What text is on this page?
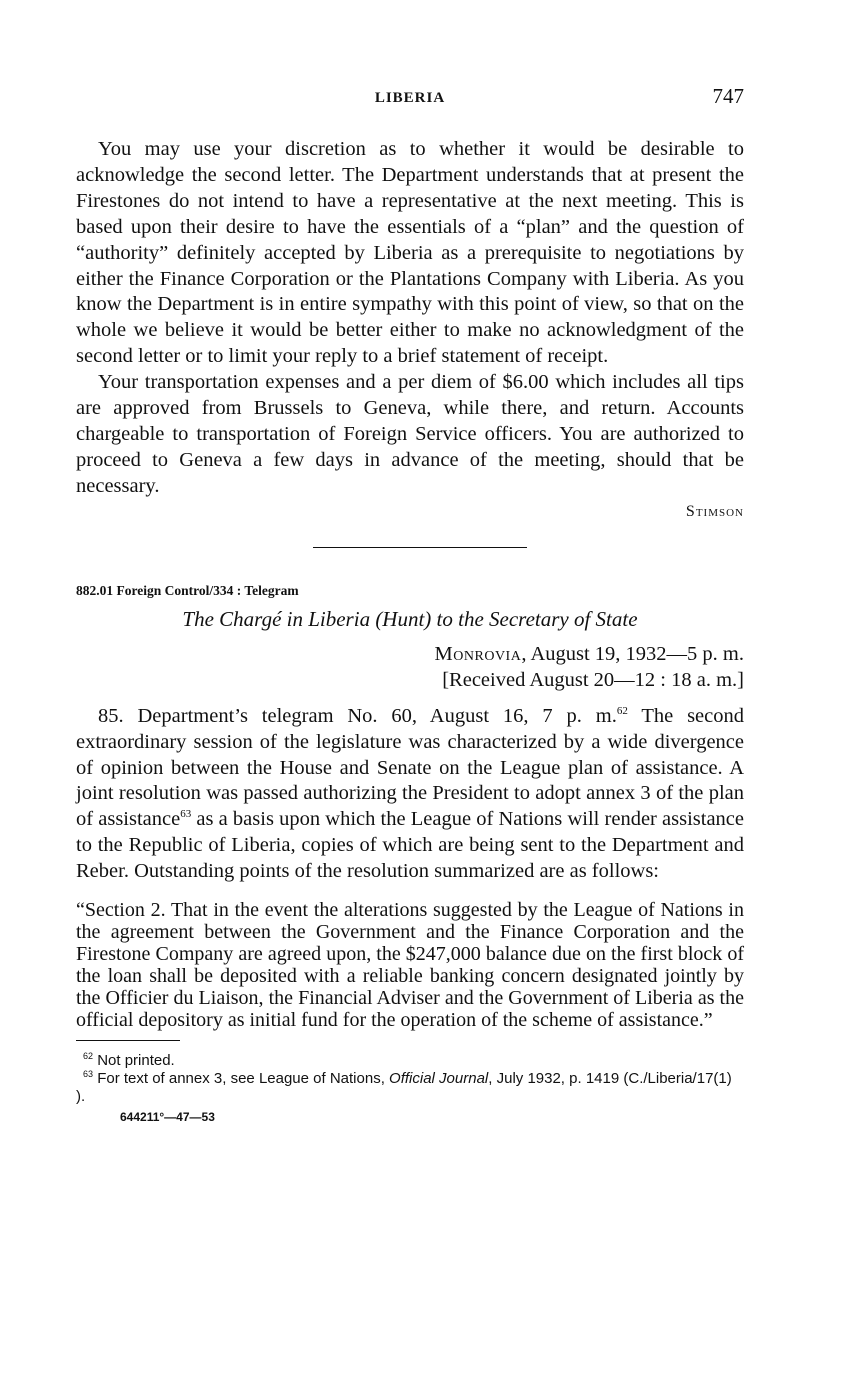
LIBERIA	747

You may use your discretion as to whether it would be desirable to acknowledge the second letter. The Department understands that at present the Firestones do not intend to have a representative at the next meeting. This is based upon their desire to have the essentials of a “plan” and the question of “authority” definitely accepted by Liberia as a prerequisite to negotiations by either the Finance Corporation or the Plantations Company with Liberia. As you know the Department is in entire sympathy with this point of view, so that on the whole we believe it would be better either to make no acknowledgment of the second letter or to limit your reply to a brief statement of receipt.

Your transportation expenses and a per diem of $6.00 which includes all tips are approved from Brussels to Geneva, while there, and return. Accounts chargeable to transportation of Foreign Service officers. You are authorized to proceed to Geneva a few days in advance of the meeting, should that be necessary.

Stimson
882.01 Foreign Control/334 : Telegram
The Chargé in Liberia (Hunt) to the Secretary of State
Monrovia, August 19, 1932—5 p. m.
[Received August 20—12 : 18 a. m.]

85. Department’s telegram No. 60, August 16, 7 p. m.$^{62}$ The second extraordinary session of the legislature was characterized by a wide divergence of opinion between the House and Senate on the League plan of assistance. A joint resolution was passed authorizing the President to adopt annex 3 of the plan of assistance$^{63}$ as a basis upon which the League of Nations will render assistance to the Republic of Liberia, copies of which are being sent to the Department and Reber. Outstanding points of the resolution summarized are as follows:

“Section 2. That in the event the alterations suggested by the League of Nations in the agreement between the Government and the Finance Corporation and the Firestone Company are agreed upon, the $247,000 balance due on the first block of the loan shall be deposited with a reliable banking concern designated jointly by the Officier du Liaison, the Financial Adviser and the Government of Liberia as the official depository as initial fund for the operation of the scheme of assistance.”

$^{62}$ Not printed.
$^{63}$ For text of annex 3, see League of Nations, Official Journal, July 1932, p. 1419 (C./Liberia/17(1) ).
644211°—47—53
